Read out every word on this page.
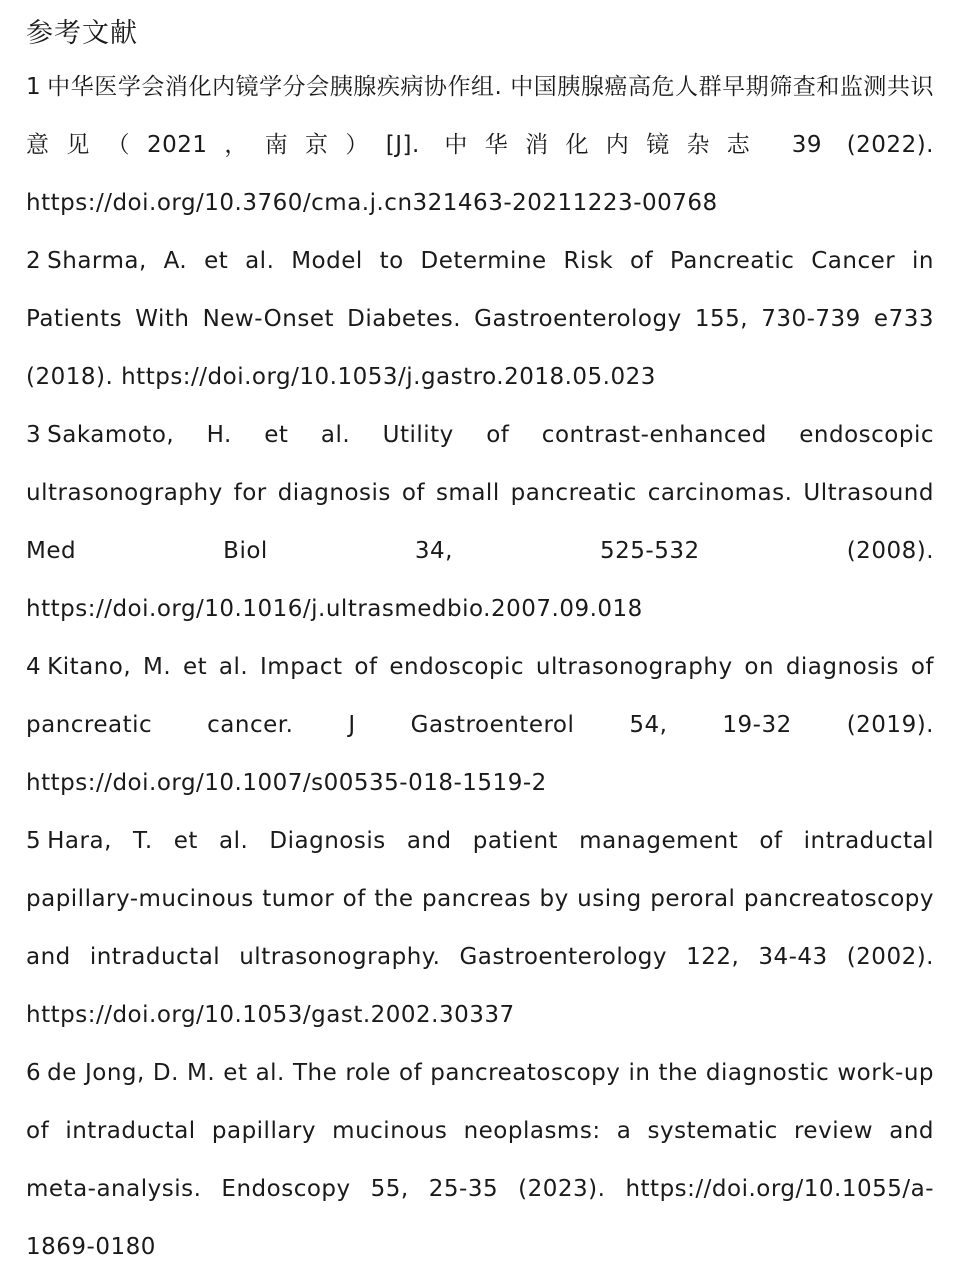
参考文献
1 中华医学会消化内镜学分会胰腺疾病协作组. 中国胰腺癌高危人群早期筛查和监测共识意见（2021，南京）[J]. 中华消化内镜杂志 39 (2022). https://doi.org/10.3760/cma.j.cn321463-20211223-00768
2 Sharma, A. et al. Model to Determine Risk of Pancreatic Cancer in Patients With New-Onset Diabetes. Gastroenterology 155, 730-739 e733 (2018). https://doi.org/10.1053/j.gastro.2018.05.023
3 Sakamoto, H. et al. Utility of contrast-enhanced endoscopic ultrasonography for diagnosis of small pancreatic carcinomas. Ultrasound Med Biol 34, 525-532 (2008). https://doi.org/10.1016/j.ultrasmedbio.2007.09.018
4 Kitano, M. et al. Impact of endoscopic ultrasonography on diagnosis of pancreatic cancer. J Gastroenterol 54, 19-32 (2019). https://doi.org/10.1007/s00535-018-1519-2
5 Hara, T. et al. Diagnosis and patient management of intraductal papillary-mucinous tumor of the pancreas by using peroral pancreatoscopy and intraductal ultrasonography. Gastroenterology 122, 34-43 (2002). https://doi.org/10.1053/gast.2002.30337
6 de Jong, D. M. et al. The role of pancreatoscopy in the diagnostic work-up of intraductal papillary mucinous neoplasms: a systematic review and meta-analysis. Endoscopy 55, 25-35 (2023). https://doi.org/10.1055/a-1869-0180
